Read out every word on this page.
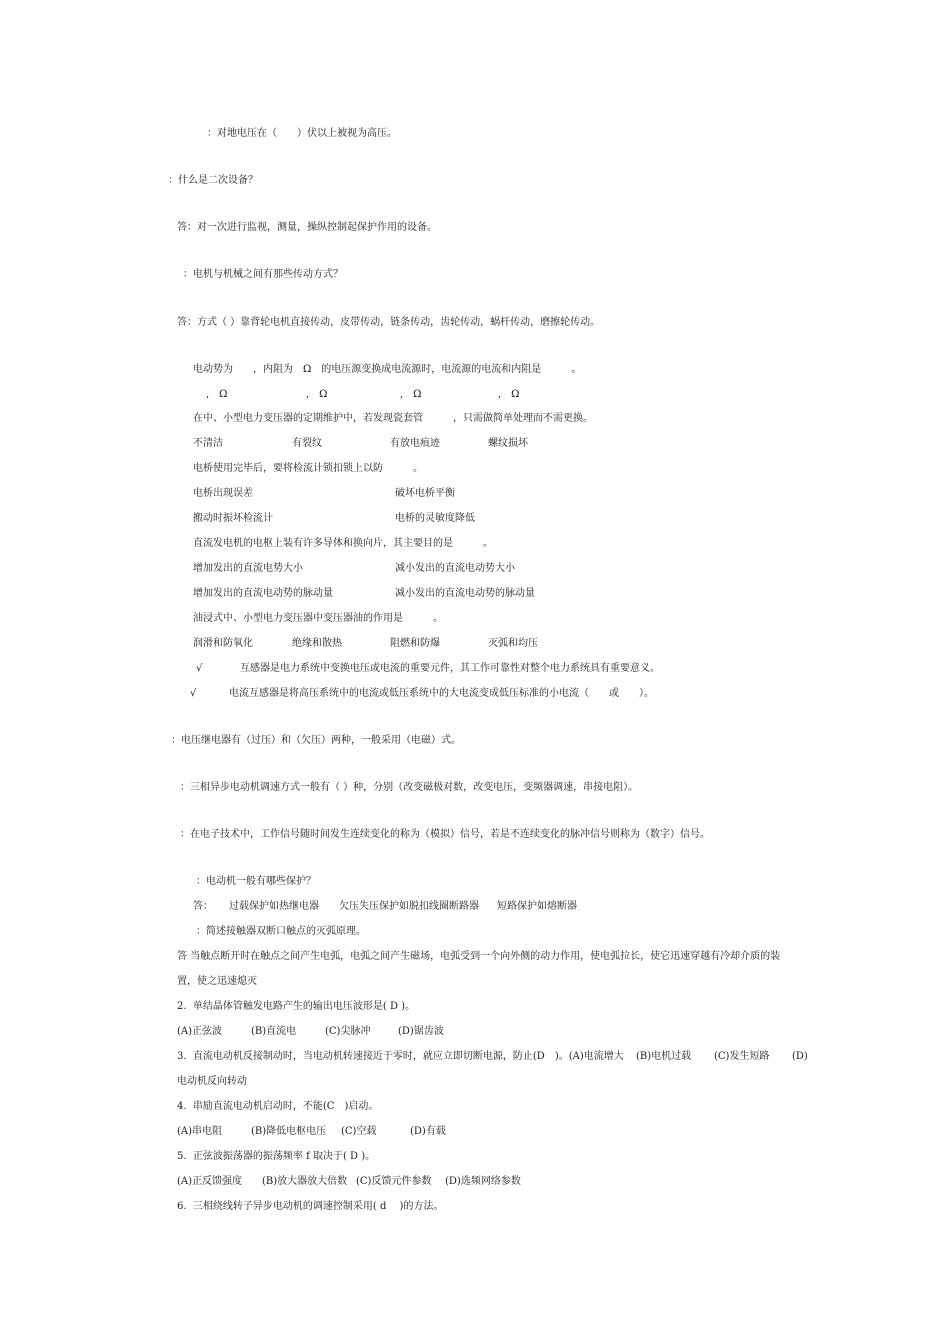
：对地电压在（　　）伏以上被视为高压。
：什么是二次设备？
答：对一次进行监视，测量，操纵控制起保护作用的设备。
：电机与机械之间有那些传动方式？
答：方式（ ）靠背轮电机直接传动，皮带传动，链条传动，齿轮传动，蜗杆传动，磨擦轮传动。
电动势为　　，内阻为　Ω　的电压源变换成电流源时，电流源的电流和内阻是　　　。
,　Ω	,　Ω	,　Ω	,　Ω
在中、小型电力变压器的定期维护中，若发现瓷套管　　　，只需做简单处理而不需更换。
不清洁	有裂纹	有放电痕迹	螺纹损坏
电桥使用完毕后，要将检流计锁扣锁上以防　　　。
电桥出现误差	破坏电桥平衡
搬动时振坏检流计	电桥的灵敏度降低
直流发电机的电枢上装有许多导体和换向片，其主要目的是　　　。
增加发出的直流电势大小	减小发出的直流电动势大小
增加发出的直流电动势的脉动量	减小发出的直流电动势的脉动量
油浸式中、小型电力变压器中变压器油的作用是　　　。
润滑和防氧化	绝缘和散热	阻燃和防爆	灭弧和均压
√	互感器是电力系统中变换电压或电流的重要元件，其工作可靠性对整个电力系统具有重要意义。
√	电流互感器是将高压系统中的电流或低压系统中的大电流变成低压标准的小电流（　　或　　）。
：电压继电器有（过压）和（欠压）两种，一般采用（电磁）式。
：三相异步电动机调速方式一般有（ ）种，分别（改变磁极对数，改变电压，变频器调速，串接电阻）。
：在电子技术中，工作信号随时间发生连续变化的称为（模拟）信号，若是不连续变化的脉冲信号则称为（数字）信号。
：电动机一般有哪些保护？
答： 过载保护如热继电器 欠压失压保护如脱扣线圈断路器 短路保护如熔断器
：简述接触器双断口触点的灭弧原理。
答 当触点断开时在触点之间产生电弧，电弧之间产生磁场，电弧受到一个向外侧的动力作用，使电弧拉长，使它迅速穿越有冷却介质的装
置，使之迅速熄灭
2.  单结晶体管触发电路产生的输出电压波形是( D )。
(A)正弦波	(B)直流电	(C)尖脉冲	(D)锯齿波
3.  直流电动机反接制动时，当电动机转速接近于零时，就应立即切断电源，防止(D　)。(A)电流增大 (B)电机过载 (C)发生短路 (D)
电动机反向转动
4.  串励直流电动机启动时，不能(C　)启动。
(A)串电阻	(B)降低电枢电压 (C)空载	(D)有载
5.  正弦波振荡器的振荡频率 f 取决于( D )。
(A)正反馈强度 (B)放大器放大倍数 (C)反馈元件参数 (D)选频网络参数
6.  三相绕线转子异步电动机的调速控制采用( d　 )的方法。
